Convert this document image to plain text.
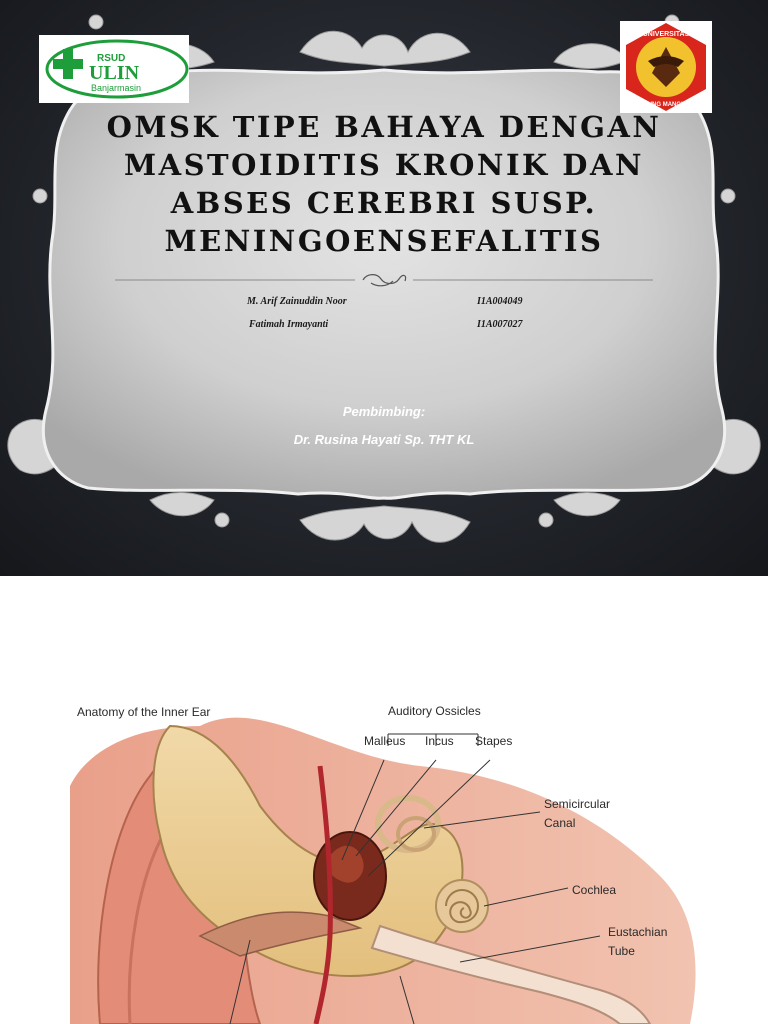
RSUD
ULIN
Banjarmasin
UNIVERSITAS
LAMBUNG MANGKURAT
OMSK TIPE BAHAYA DENGAN
MASTOIDITIS KRONIK DAN
ABSES CEREBRI SUSP.
MENINGOENSEFALITIS
M. Arif Zainuddin Noor	I1A004049
Fatimah Irmayanti	I1A007027
Pembimbing:
Dr. Rusina Hayati Sp. THT KL
Anatomy of the Inner Ear	Auditory Ossicles
Malleus Incus Stapes
Semicircular
Canal
Cochlea
Eustachian
Tube
